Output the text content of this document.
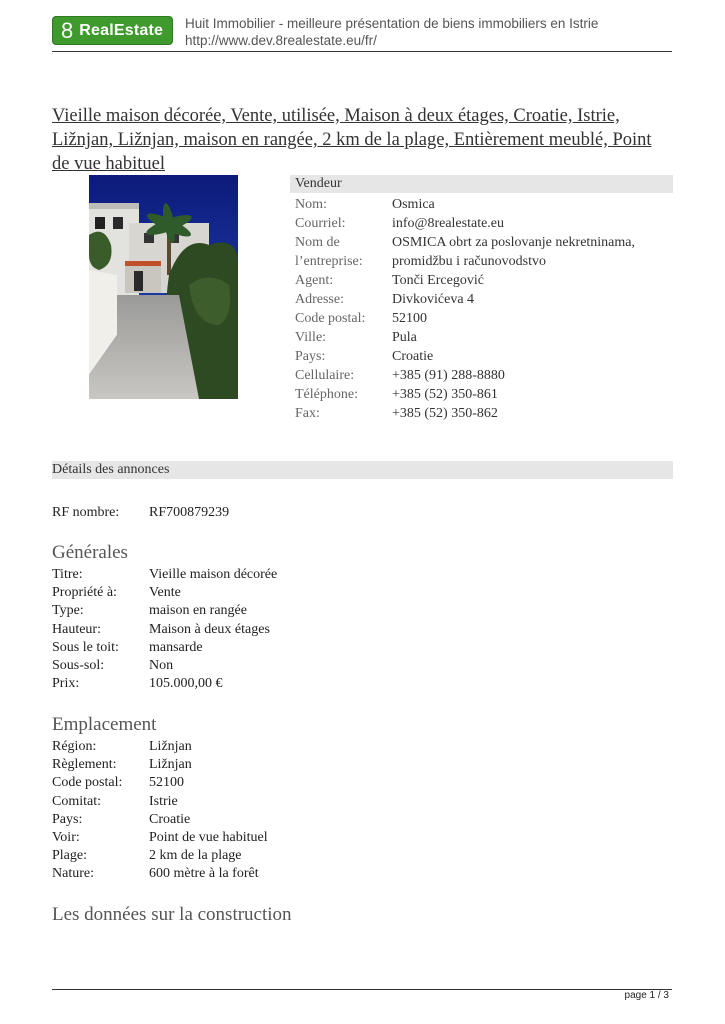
8 RealEstate Huit Immobilier - meilleure présentation de biens immobiliers en Istrie
http://www.dev.8realestate.eu/fr/
Vieille maison décorée, Vente, utilisée, Maison à deux étages, Croatie, Istrie, Ližnjan, Ližnjan, maison en rangée, 2 km de la plage, Entièrement meublé, Point de vue habituel
Vendeur
Nom:	Osmica
Courriel:	info@8realestate.eu
Nom de l’entreprise:
OSMICA obrt za poslovanje nekretninama, promidžbu i računovodstvo
Agent:	Tonči Ercegović
Adresse:	Divkovićeva 4
Code postal:	52100
Ville:	Pula
Pays:	Croatie
Cellulaire:	+385 (91) 288-8880
Téléphone:	+385 (52) 350-861
Fax:	+385 (52) 350-862
Détails des annonces
RF nombre:	RF700879239
Générales
Titre:	Vieille maison décorée
Propriété à:	Vente
Type:	maison en rangée
Hauteur:	Maison à deux étages
Sous le toit:	mansarde
Sous-sol:	Non
Prix:	105.000,00 €
Emplacement
Région:	Ližnjan
Règlement:	Ližnjan
Code postal:	52100
Comitat:	Istrie
Pays:	Croatie
Voir:	Point de vue habituel
Plage:	2 km de la plage
Nature:	600 mètre à la forêt
Les données sur la construction
page 1 / 3
